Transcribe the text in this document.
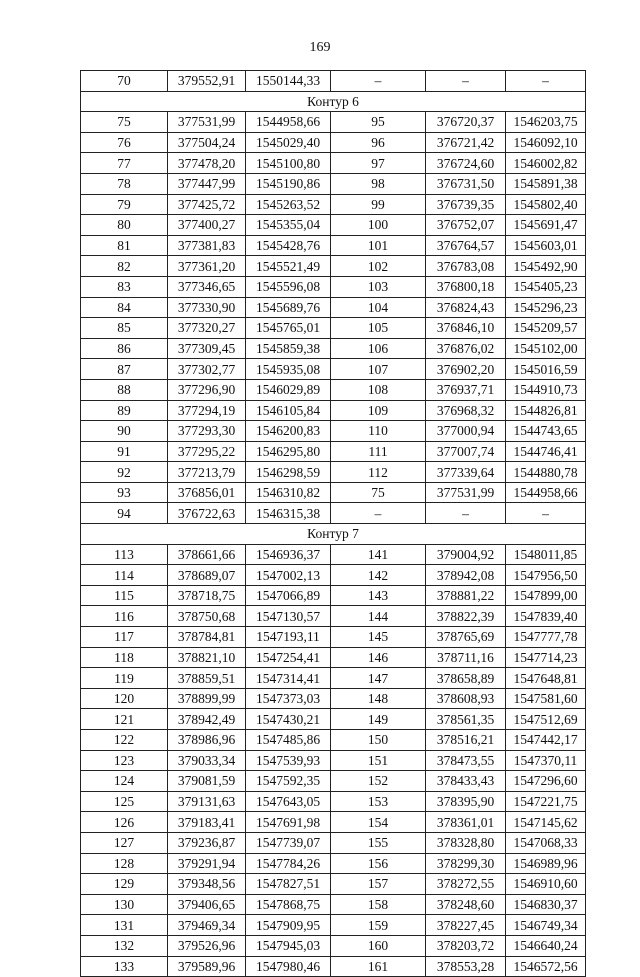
169
70	379552,91	1550144,33	–	–	–
Контур 6					
75	377531,99	1544958,66	95	376720,37	1546203,75
76	377504,24	1545029,40	96	376721,42	1546092,10
77	377478,20	1545100,80	97	376724,60	1546002,82
78	377447,99	1545190,86	98	376731,50	1545891,38
79	377425,72	1545263,52	99	376739,35	1545802,40
80	377400,27	1545355,04	100	376752,07	1545691,47
81	377381,83	1545428,76	101	376764,57	1545603,01
82	377361,20	1545521,49	102	376783,08	1545492,90
83	377346,65	1545596,08	103	376800,18	1545405,23
84	377330,90	1545689,76	104	376824,43	1545296,23
85	377320,27	1545765,01	105	376846,10	1545209,57
86	377309,45	1545859,38	106	376876,02	1545102,00
87	377302,77	1545935,08	107	376902,20	1545016,59
88	377296,90	1546029,89	108	376937,71	1544910,73
89	377294,19	1546105,84	109	376968,32	1544826,81
90	377293,30	1546200,83	110	377000,94	1544743,65
91	377295,22	1546295,80	111	377007,74	1544746,41
92	377213,79	1546298,59	112	377339,64	1544880,78
93	376856,01	1546310,82	75	377531,99	1544958,66
94	376722,63	1546315,38	–	–	–
Контур 7					
113	378661,66	1546936,37	141	379004,92	1548011,85
114	378689,07	1547002,13	142	378942,08	1547956,50
115	378718,75	1547066,89	143	378881,22	1547899,00
116	378750,68	1547130,57	144	378822,39	1547839,40
117	378784,81	1547193,11	145	378765,69	1547777,78
118	378821,10	1547254,41	146	378711,16	1547714,23
119	378859,51	1547314,41	147	378658,89	1547648,81
120	378899,99	1547373,03	148	378608,93	1547581,60
121	378942,49	1547430,21	149	378561,35	1547512,69
122	378986,96	1547485,86	150	378516,21	1547442,17
123	379033,34	1547539,93	151	378473,55	1547370,11
124	379081,59	1547592,35	152	378433,43	1547296,60
125	379131,63	1547643,05	153	378395,90	1547221,75
126	379183,41	1547691,98	154	378361,01	1547145,62
127	379236,87	1547739,07	155	378328,80	1547068,33
128	379291,94	1547784,26	156	378299,30	1546989,96
129	379348,56	1547827,51	157	378272,55	1546910,60
130	379406,65	1547868,75	158	378248,60	1546830,37
131	379469,34	1547909,95	159	378227,45	1546749,34
132	379526,96	1547945,03	160	378203,72	1546640,24
133	379589,96	1547980,46	161	378553,28	1546572,56
